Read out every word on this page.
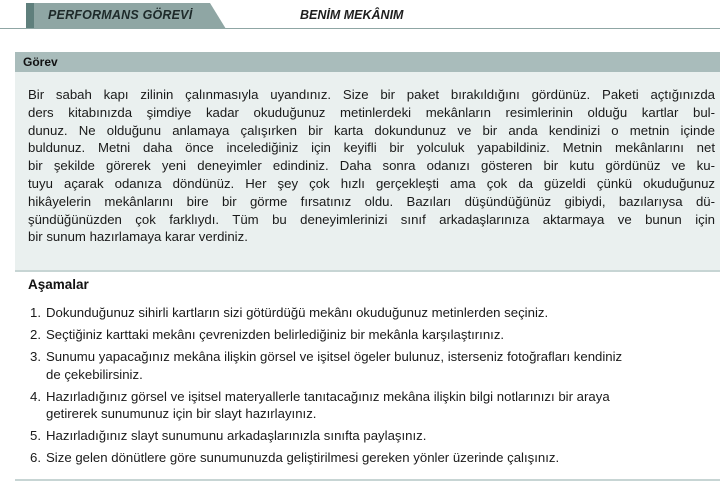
PERFORMANS GÖREVİ	BENİM MEKÂNIM
Görev
Bir sabah kapı zilinin çalınmasıyla uyandınız. Size bir paket bırakıldığını gördünüz. Paketi açtığınızda
ders kitabınızda şimdiye kadar okuduğunuz metinlerdeki mekânların resimlerinin olduğu kartlar bul-
dunuz. Ne olduğunu anlamaya çalışırken bir karta dokundunuz ve bir anda kendinizi o metnin içinde
buldunuz. Metni daha önce incelediğiniz için keyifli bir yolculuk yapabildiniz. Metnin mekânlarını net
bir şekilde görerek yeni deneyimler edindiniz. Daha sonra odanızı gösteren bir kutu gördünüz ve ku-
tuyu açarak odanıza döndünüz. Her şey çok hızlı gerçekleşti ama çok da güzeldi çünkü okuduğunuz
hikâyelerin mekânlarını bire bir görme fırsatınız oldu. Bazıları düşündüğünüz gibiydi, bazılarıysa dü-
şündüğünüzden çok farklıydı. Tüm bu deneyimlerinizi sınıf arkadaşlarınıza aktarmaya ve bunun için
bir sunum hazırlamaya karar verdiniz.
Aşamalar
1. Dokunduğunuz sihirli kartların sizi götürdüğü mekânı okuduğunuz metinlerden seçiniz.
2. Seçtiğiniz karttaki mekânı çevrenizden belirlediğiniz bir mekânla karşılaştırınız.
3. Sunumu yapacağınız mekâna ilişkin görsel ve işitsel ögeler bulunuz, isterseniz fotoğrafları kendiniz
de çekebilirsiniz.
4. Hazırladığınız görsel ve işitsel materyallerle tanıtacağınız mekâna ilişkin bilgi notlarınızı bir araya
getirerek sunumunuz için bir slayt hazırlayınız.
5. Hazırladığınız slayt sunumunu arkadaşlarınızla sınıfta paylaşınız.
6. Size gelen dönütlere göre sunumunuzda geliştirilmesi gereken yönler üzerinde çalışınız.
